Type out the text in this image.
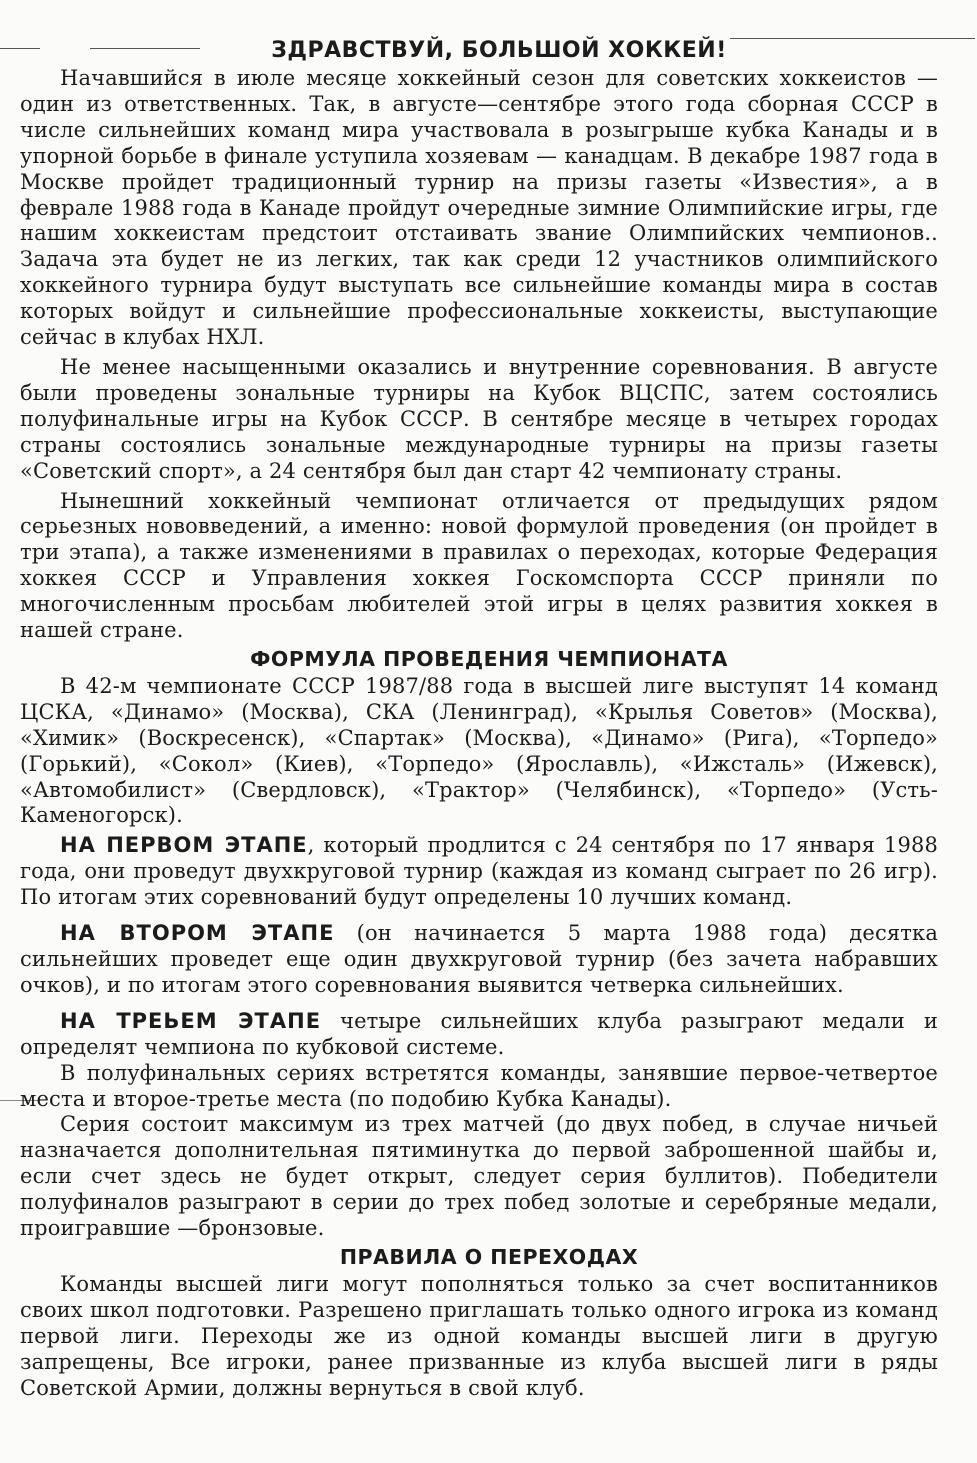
ЗДРАВСТВУЙ, БОЛЬШОЙ ХОККЕЙ!

Начавшийся в июле месяце хоккейный сезон для советских хоккеистов —один из ответственных. Так, в августе—сентябре этого года сборная СССР в числе сильнейших команд мира участвовала в розыгрыше кубка Канады и в упорной борьбе в финале уступила хозяевам — канадцам. В декабре 1987 года в Москве пройдет традиционный турнир на призы газеты «Известия», а в феврале 1988 года в Канаде пройдут очередные зимние Олимпийские игры, где нашим хоккеистам предстоит отстаивать звание Олимпийских чемпионов.. Задача эта будет не из легких, так как среди 12 участников олимпийского хоккейного турнира будут выступать все сильнейшие команды мира в состав которых войдут и сильнейшие профессиональные хоккеисты, выступающие сейчас в клубах НХЛ.

Не менее насыщенными оказались и внутренние соревнования. В августе были проведены зональные турниры на Кубок ВЦСПС, затем состоялись полуфинальные игры на Кубок СССР. В сентябре месяце в четырех городах страны состоялись зональные международные турниры на призы газеты «Советский спорт», а 24 сентября был дан старт 42 чемпионату страны.

Нынешний хоккейный чемпионат отличается от предыдущих рядом серьезных нововведений, а именно: новой формулой проведения (он пройдет в три этапа), а также изменениями в правилах о переходах, которые Федерация хоккея СССР и Управления хоккея Госкомспорта СССР приняли по многочисленным просьбам любителей этой игры в целях развития хоккея в нашей стране.

ФОРМУЛА ПРОВЕДЕНИЯ ЧЕМПИОНАТА

В 42-м чемпионате СССР 1987/88 года в высшей лиге выступят 14 команд ЦСКА, «Динамо» (Москва), СКА (Ленинград), «Крылья Советов» (Москва), «Химик» (Воскресенск), «Спартак» (Москва), «Динамо» (Рига), «Торпедо» (Горький), «Сокол» (Киев), «Торпедо» (Ярославль), «Ижсталь» (Ижевск), «Автомобилист» (Свердловск), «Трактор» (Челябинск), «Торпедо» (Усть-Каменогорск).

НА ПЕРВОМ ЭТАПЕ, который продлится с 24 сентября по 17 января 1988 года, они проведут двухкруговой турнир (каждая из команд сыграет по 26 игр). По итогам этих соревнований будут определены 10 лучших команд.

НА ВТОРОМ ЭТАПЕ (он начинается 5 марта 1988 года) десятка сильнейших проведет еще один двухкруговой турнир (без зачета набравших очков), и по итогам этого соревнования выявится четверка сильнейших.

НА ТРЕЬЕМ ЭТАПЕ четыре сильнейших клуба разыграют медали и определят чемпиона по кубковой системе.

В полуфинальных сериях встретятся команды, занявшие первое-четвертое места и второе-третье места (по подобию Кубка Канады).

Серия состоит максимум из трех матчей (до двух побед, в случае ничьей назначается дополнительная пятиминутка до первой заброшенной шайбы и, если счет здесь не будет открыт, следует серия буллитов). Победители полуфиналов разыграют в серии до трех побед золотые и серебряные медали, проигравшие —бронзовые.

ПРАВИЛА О ПЕРЕХОДАХ

Команды высшей лиги могут пополняться только за счет воспитанников своих школ подготовки. Разрешено приглашать только одного игрока из команд первой лиги. Переходы же из одной команды высшей лиги в другую запрещены, Все игроки, ранее призванные из клуба высшей лиги в ряды Советской Армии, должны вернуться в свой клуб.
